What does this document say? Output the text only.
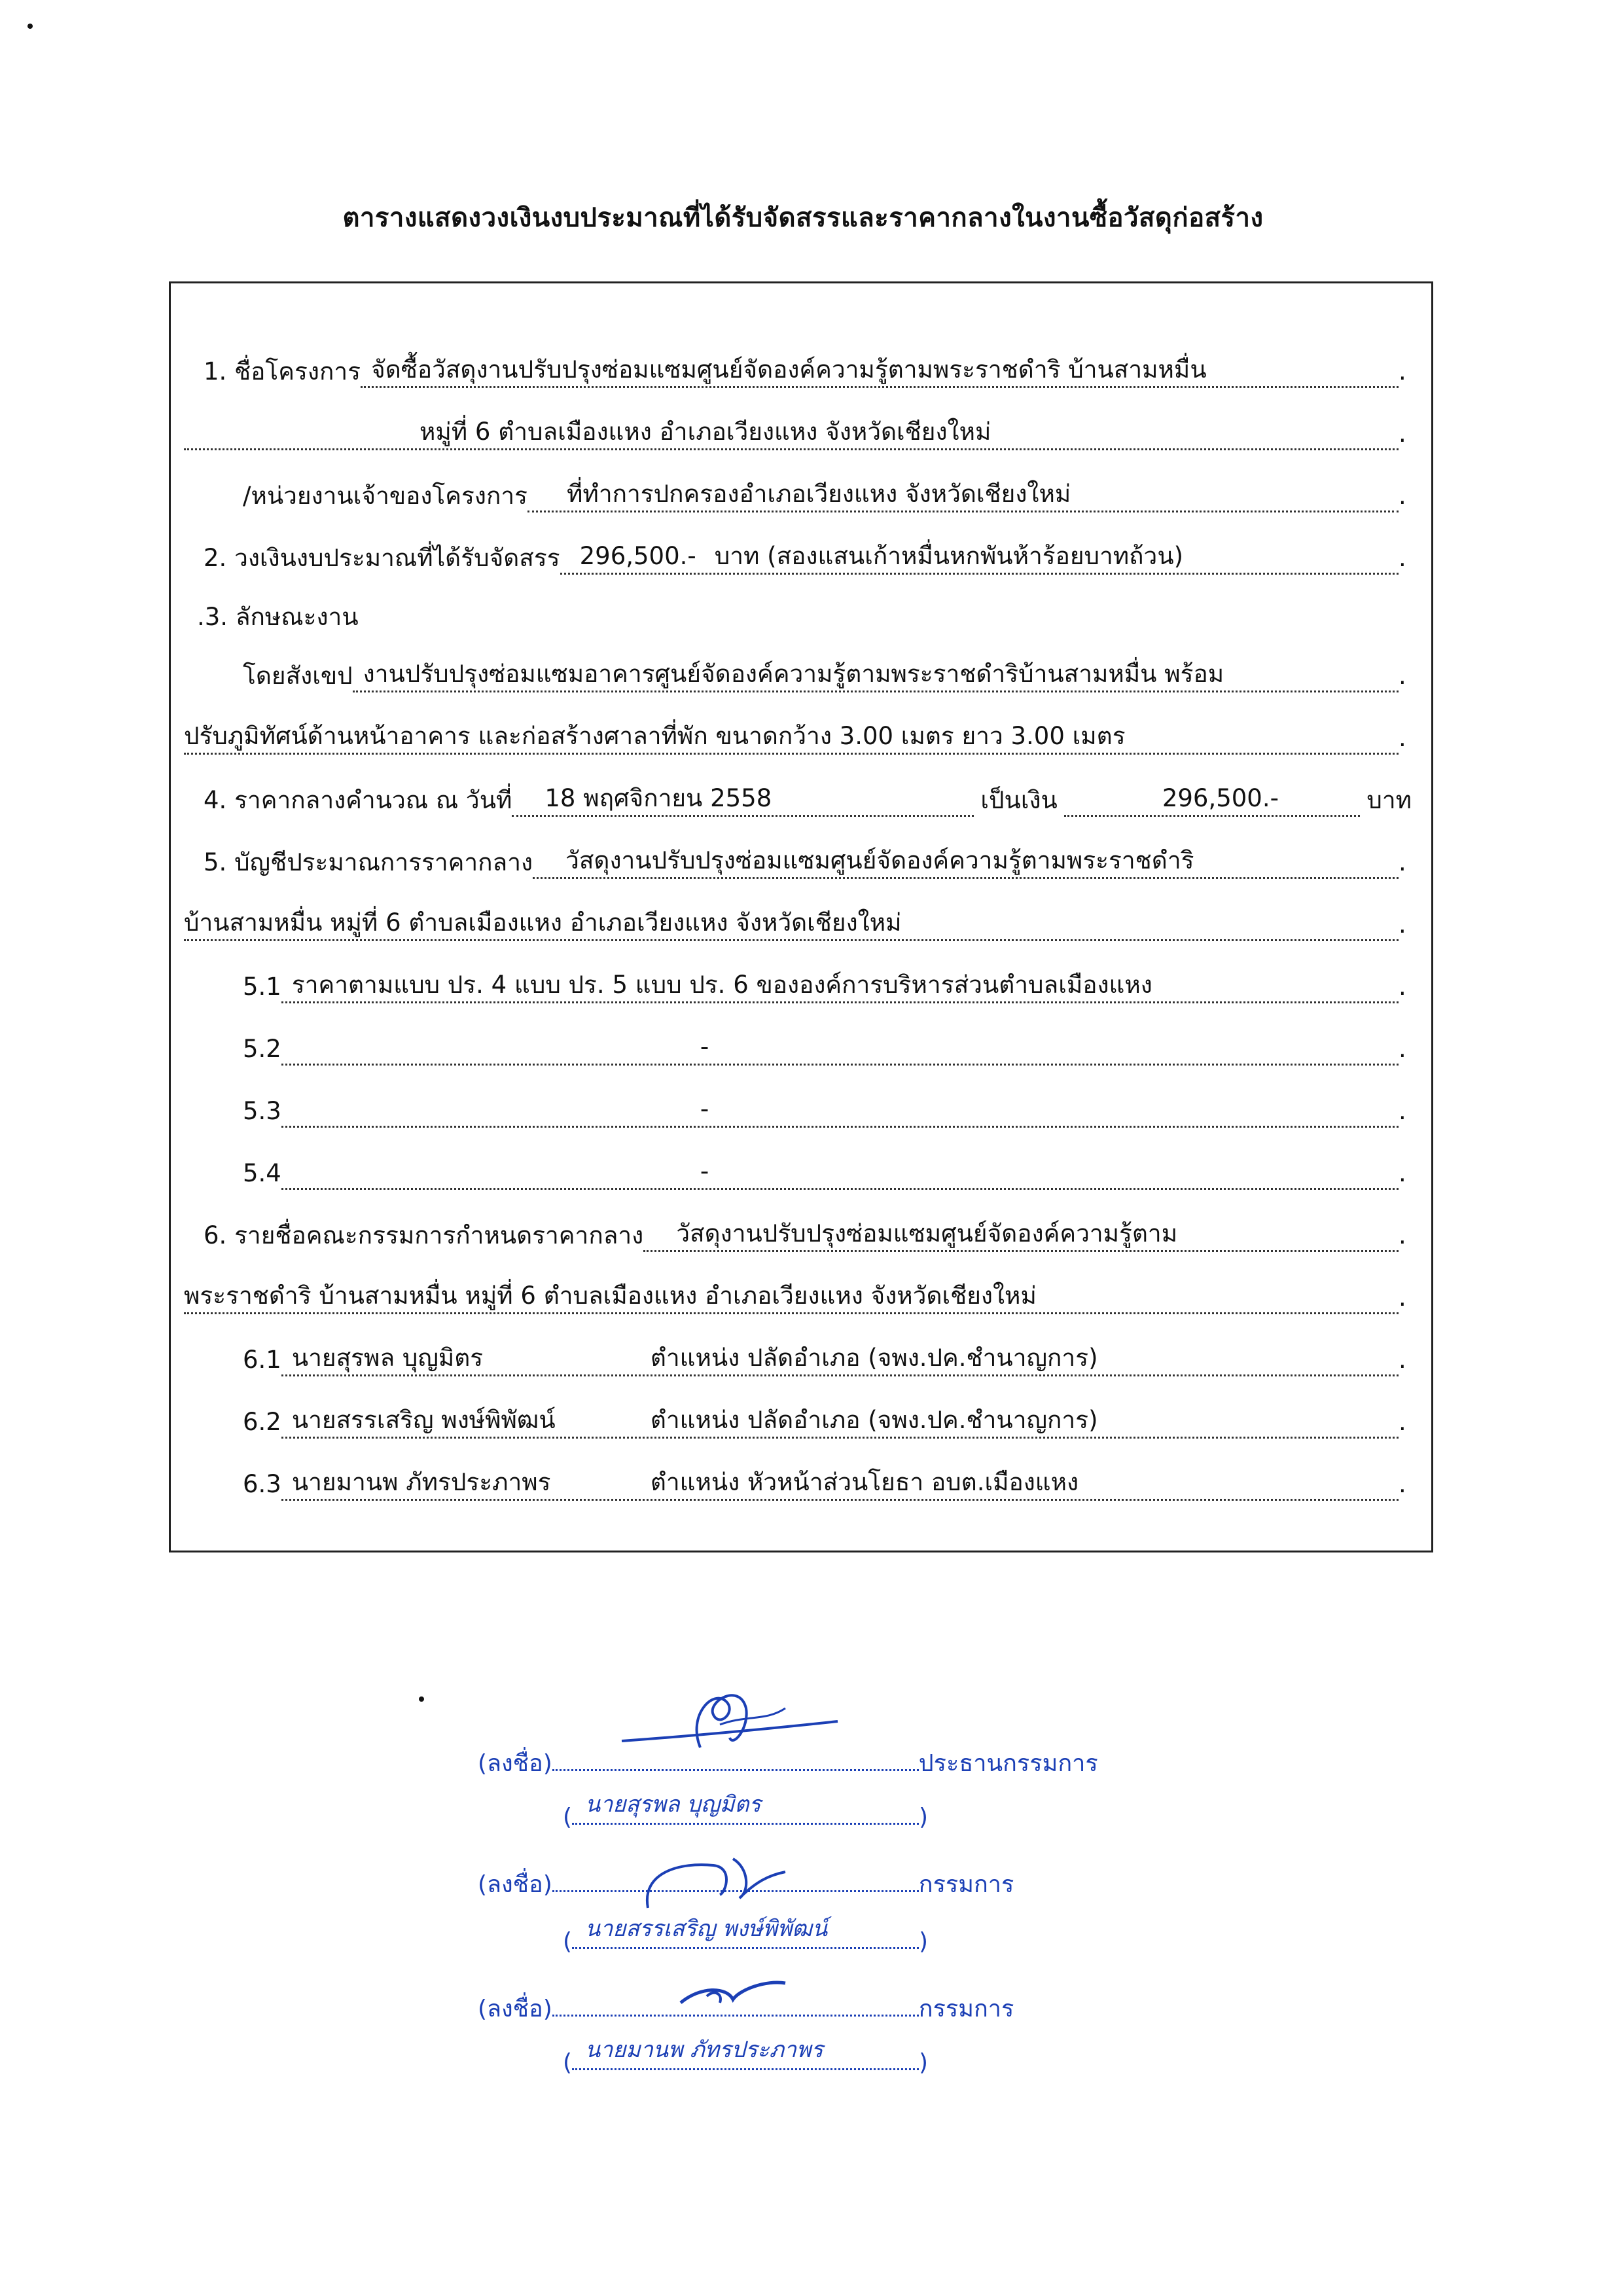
ตารางแสดงวงเงินงบประมาณที่ได้รับจัดสรรและราคากลางในงานซื้อวัสดุก่อสร้าง
1. ชื่อโครงการ จัดซื้อวัสดุงานปรับปรุงซ่อมแซมศูนย์จัดองค์ความรู้ตามพระราชดำริ บ้านสามหมื่น	.
หมู่ที่ 6 ตำบลเมืองแหง อำเภอเวียงแหง จังหวัดเชียงใหม่	.
/หน่วยงานเจ้าของโครงการ ที่ทำการปกครองอำเภอเวียงแหง จังหวัดเชียงใหม่	.
2. วงเงินงบประมาณที่ได้รับจัดสรร 296,500.- บาท (สองแสนเก้าหมื่นหกพันห้าร้อยบาทถ้วน)	.
.3. ลักษณะงาน
โดยสังเขป งานปรับปรุงซ่อมแซมอาคารศูนย์จัดองค์ความรู้ตามพระราชดำริบ้านสามหมื่น พร้อม	.
ปรับภูมิทัศน์ด้านหน้าอาคาร และก่อสร้างศาลาที่พัก ขนาดกว้าง 3.00 เมตร ยาว 3.00 เมตร	.
4. ราคากลางคำนวณ ณ วันที่ 18 พฤศจิกายน 2558	เป็นเงิน	296,500.-	บาท
5. บัญชีประมาณการราคากลาง วัสดุงานปรับปรุงซ่อมแซมศูนย์จัดองค์ความรู้ตามพระราชดำริ	.
บ้านสามหมื่น หมู่ที่ 6 ตำบลเมืองแหง อำเภอเวียงแหง จังหวัดเชียงใหม่	.
5.1 ราคาตามแบบ ปร. 4 แบบ ปร. 5 แบบ ปร. 6 ขององค์การบริหารส่วนตำบลเมืองแหง	.
5.2	-	.
5.3	-	.
5.4	-	.
6. รายชื่อคณะกรรมการกำหนดราคากลาง วัสดุงานปรับปรุงซ่อมแซมศูนย์จัดองค์ความรู้ตาม	.
พระราชดำริ บ้านสามหมื่น หมู่ที่ 6 ตำบลเมืองแหง อำเภอเวียงแหง จังหวัดเชียงใหม่	.
6.1 นายสุรพล บุญมิตร	ตำแหน่ง ปลัดอำเภอ (จพง.ปค.ชำนาญการ)	.
6.2 นายสรรเสริญ พงษ์พิพัฒน์	ตำแหน่ง ปลัดอำเภอ (จพง.ปค.ชำนาญการ)	.
6.3 นายมานพ ภัทรประภาพร	ตำแหน่ง หัวหน้าส่วนโยธา อบต.เมืองแหง	.
(ลงชื่อ)	ประธานกรรมการ
( นายสุรพล บุญมิตร	)
(ลงชื่อ)	กรรมการ
( นายสรรเสริญ พงษ์พิพัฒน์	)
(ลงชื่อ)	กรรมการ
( นายมานพ ภัทรประภาพร	)
